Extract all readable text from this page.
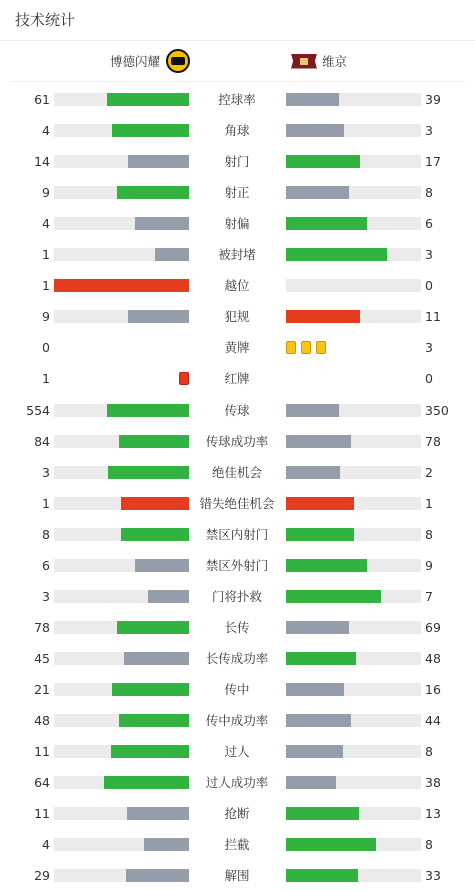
技术统计
博德闪耀	维京
61	控球率	39
4	角球	3
14	射门	17
9	射正	8
4	射偏	6
1	被封堵	3
1	越位	0
9	犯规	11
0	黄牌	3
1	红牌	0
554	传球	350
84	传球成功率	78
3	绝佳机会	2
1	错失绝佳机会	1
8	禁区内射门	8
6	禁区外射门	9
3	门将扑救	7
78	长传	69
45	长传成功率	48
21	传中	16
48	传中成功率	44
11	过人	8
64	过人成功率	38
11	抢断	13
4	拦截	8
29	解围	33
